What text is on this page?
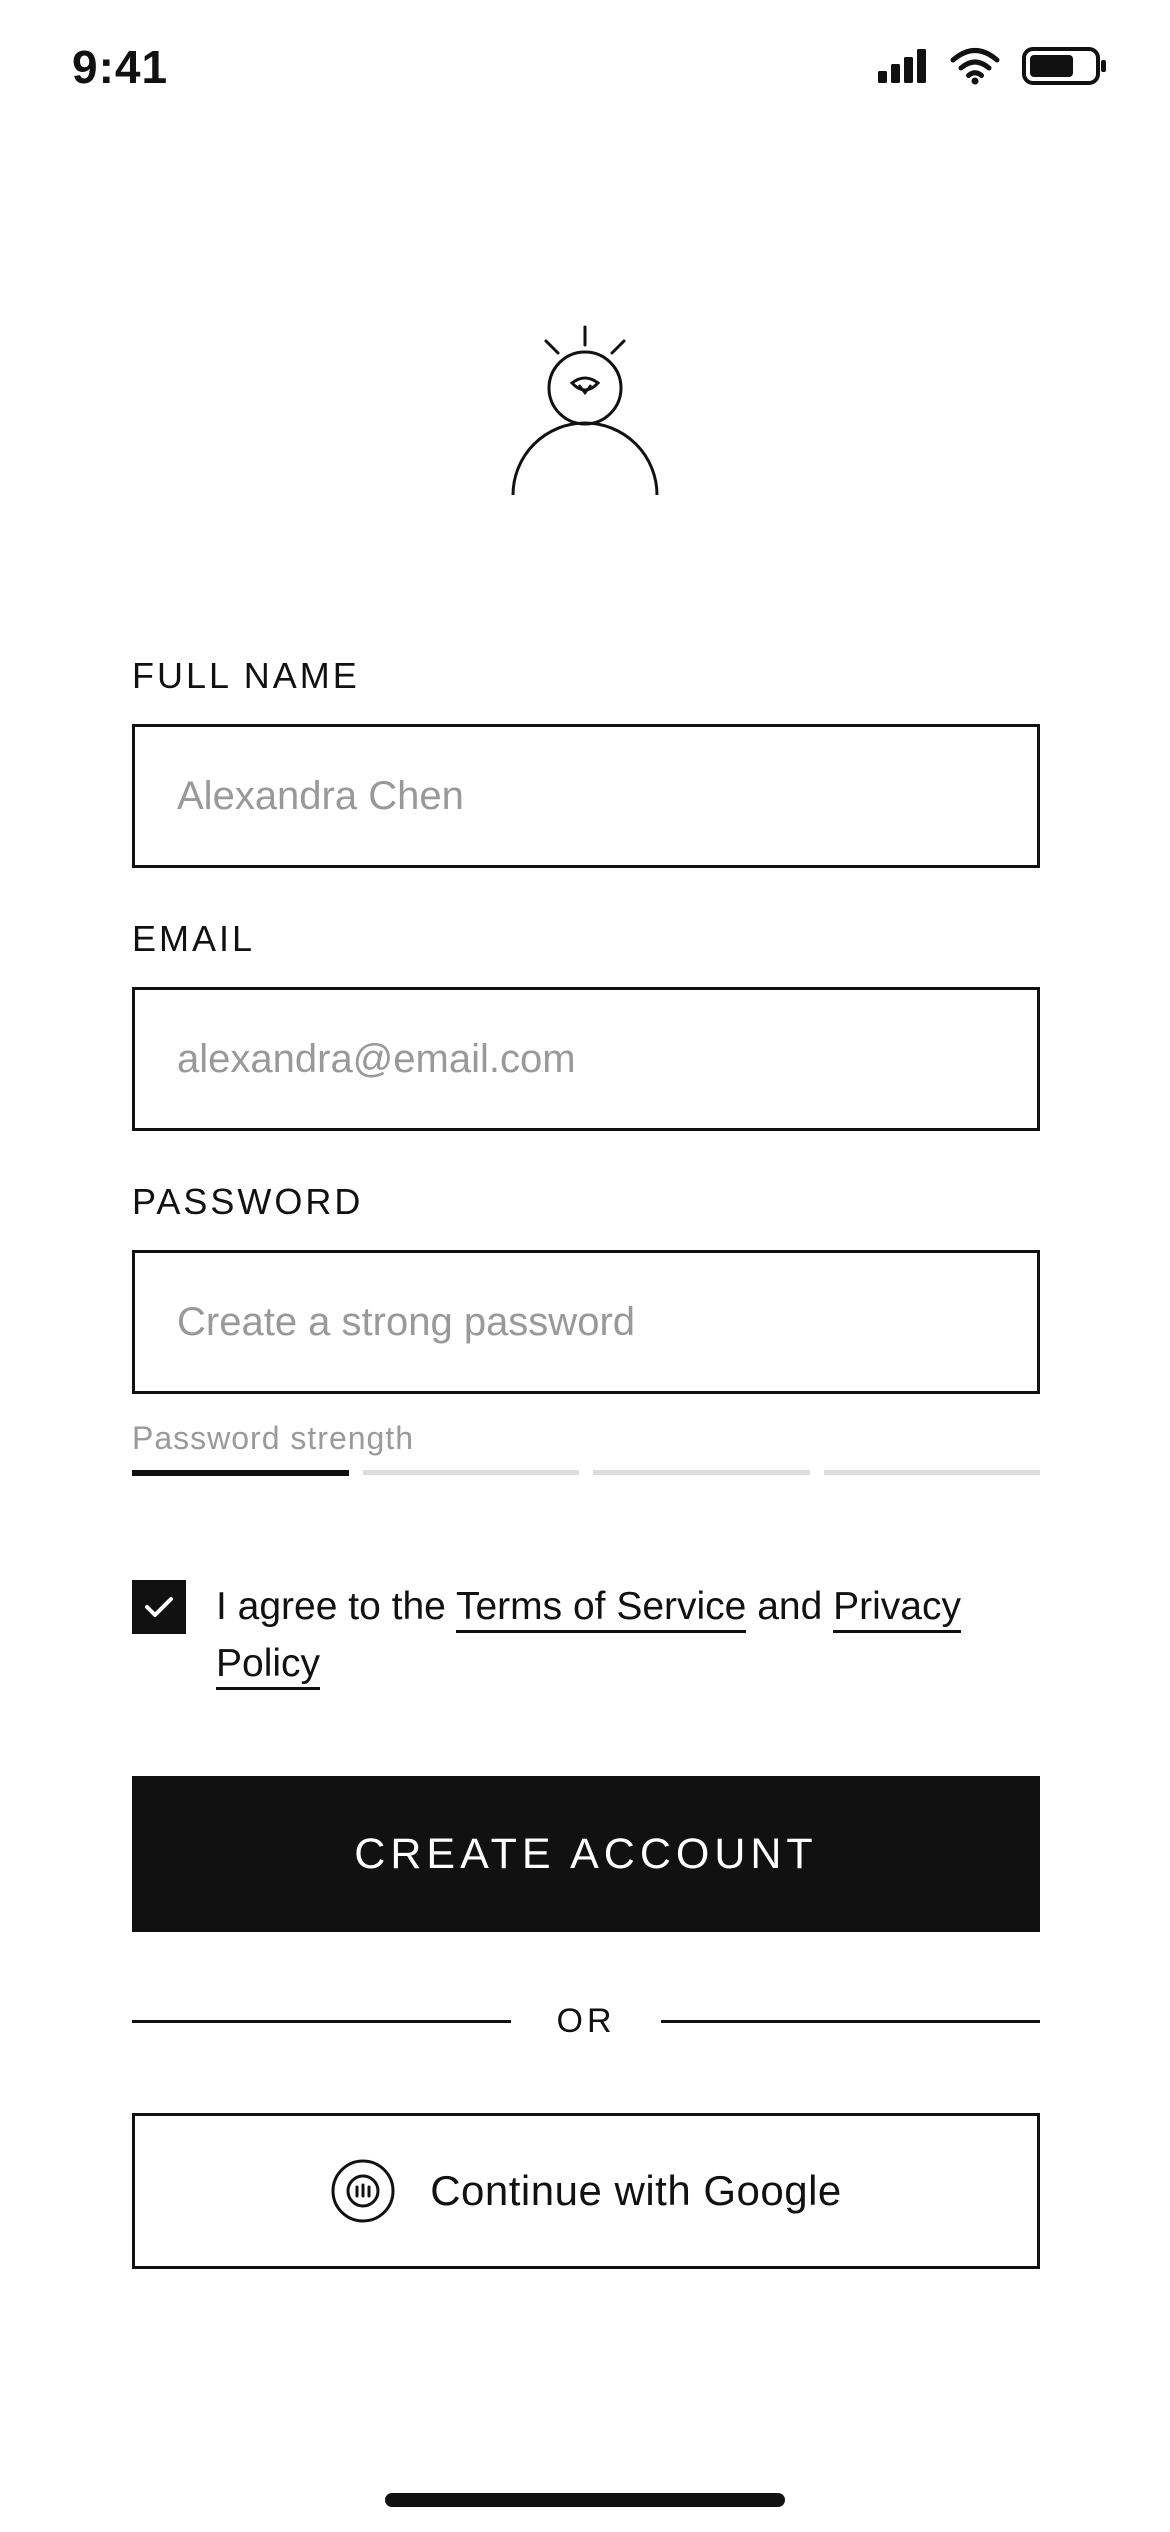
9:41
FULL NAME
Alexandra Chen
EMAIL
alexandra@email.com
PASSWORD
Password strength
I agree to the Terms of Service and Privacy Policy
CREATE ACCOUNT
OR
Continue with Google
